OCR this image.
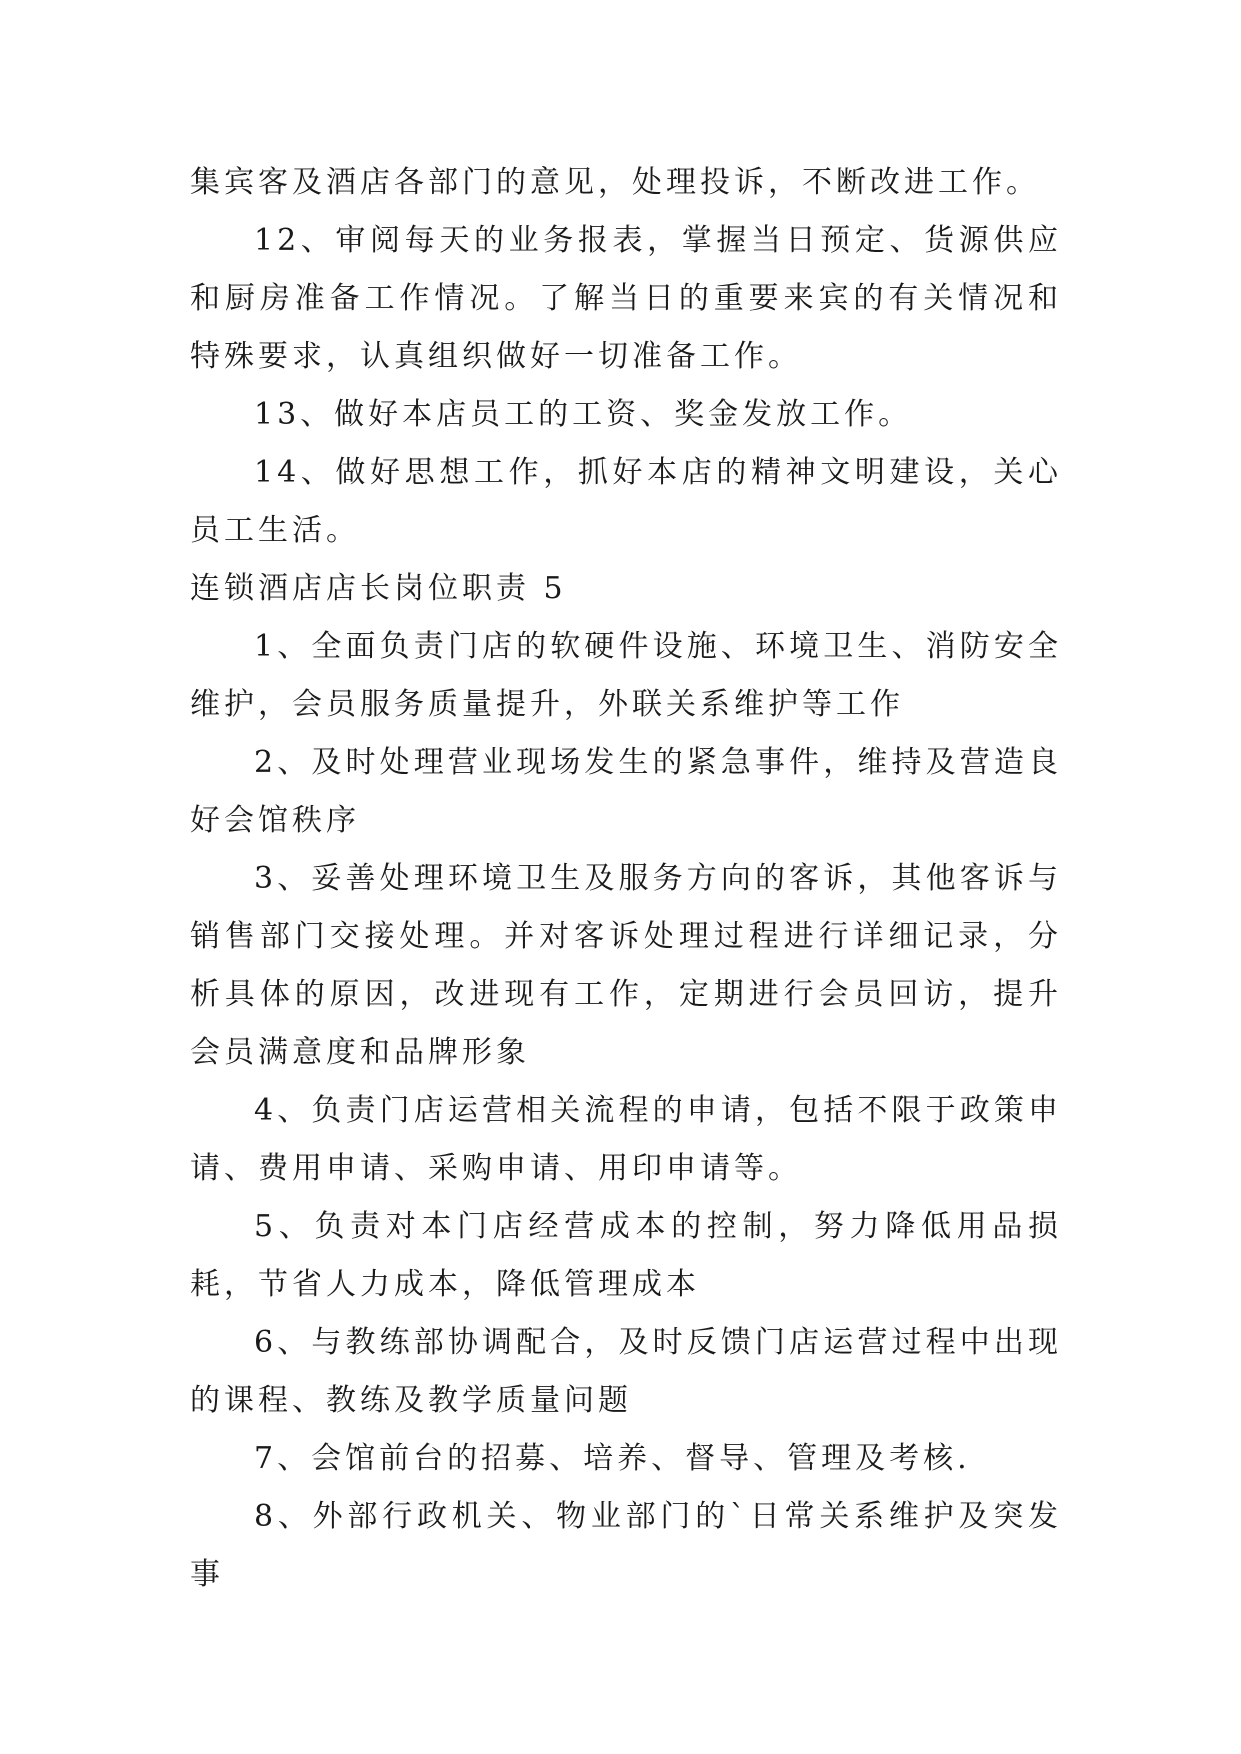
集宾客及酒店各部门的意见，处理投诉，不断改进工作。

12、审阅每天的业务报表，掌握当日预定、货源供应和厨房准备工作情况。了解当日的重要来宾的有关情况和特殊要求，认真组织做好一切准备工作。

13、做好本店员工的工资、奖金发放工作。

14、做好思想工作，抓好本店的精神文明建设，关心员工生活。

连锁酒店店长岗位职责 5

1、全面负责门店的软硬件设施、环境卫生、消防安全维护，会员服务质量提升，外联关系维护等工作

2、及时处理营业现场发生的紧急事件，维持及营造良好会馆秩序

3、妥善处理环境卫生及服务方向的客诉，其他客诉与销售部门交接处理。并对客诉处理过程进行详细记录，分析具体的原因，改进现有工作，定期进行会员回访，提升会员满意度和品牌形象

4、负责门店运营相关流程的申请，包括不限于政策申请、费用申请、采购申请、用印申请等。

5、负责对本门店经营成本的控制，努力降低用品损耗，节省人力成本，降低管理成本

6、与教练部协调配合，及时反馈门店运营过程中出现的课程、教练及教学质量问题

7、会馆前台的招募、培养、督导、管理及考核.

8、外部行政机关、物业部门的`日常关系维护及突发事
